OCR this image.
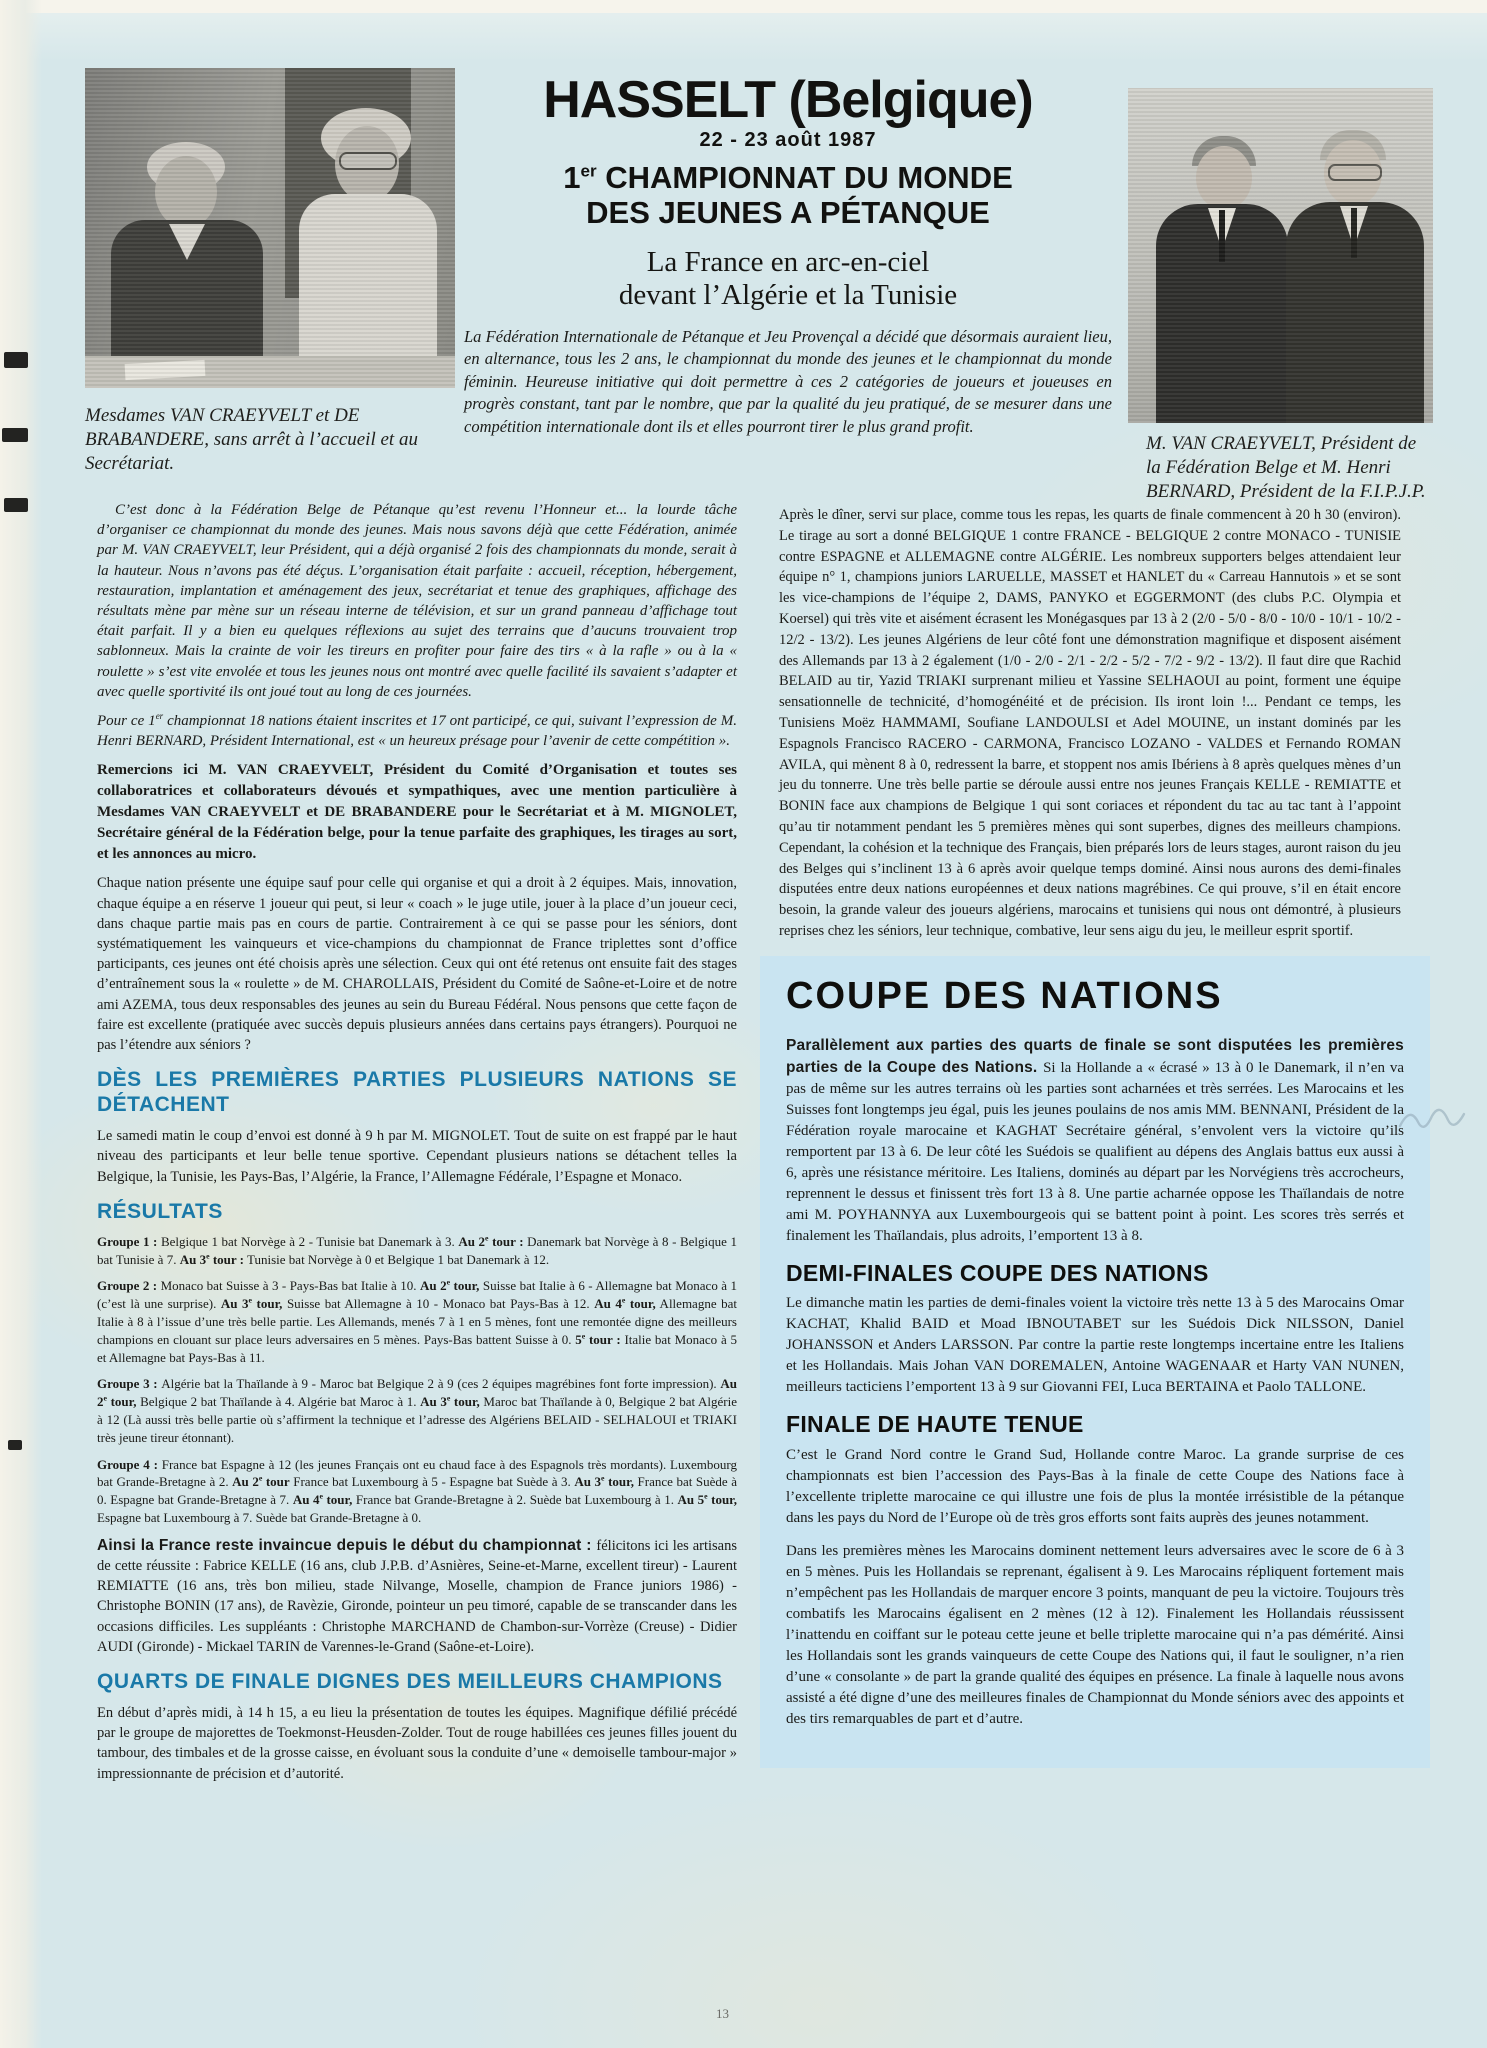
Mesdames VAN CRAEYVELT et DE BRABANDERE, sans arrêt à l’accueil et au Secrétariat.
M. VAN CRAEYVELT, Président de la Fédération Belge et M. Henri BERNARD, Président de la F.I.P.J.P.
HASSELT (Belgique)
22 - 23 août 1987
1er CHAMPIONNAT DU MONDE
DES JEUNES A PÉTANQUE
La France en arc-en-ciel
devant l’Algérie et la Tunisie
La Fédération Internationale de Pétanque et Jeu Provençal a décidé que désormais auraient lieu, en alternance, tous les 2 ans, le championnat du monde des jeunes et le championnat du monde féminin. Heureuse initiative qui doit permettre à ces 2 catégories de joueurs et joueuses en progrès constant, tant par le nombre, que par la qualité du jeu pratiqué, de se mesurer dans une compétition internationale dont ils et elles pourront tirer le plus grand profit.

C’est donc à la Fédération Belge de Pétanque qu’est revenu l’Honneur et... la lourde tâche d’organiser ce championnat du monde des jeunes. Mais nous savons déjà que cette Fédération, animée par M. VAN CRAEYVELT, leur Président, qui a déjà organisé 2 fois des championnats du monde, serait à la hauteur. Nous n’avons pas été déçus. L’organisation était parfaite : accueil, réception, hébergement, restauration, implantation et aménagement des jeux, secrétariat et tenue des graphiques, affichage des résultats mène par mène sur un réseau interne de télévision, et sur un grand panneau d’affichage tout était parfait. Il y a bien eu quelques réflexions au sujet des terrains que d’aucuns trouvaient trop sablonneux. Mais la crainte de voir les tireurs en profiter pour faire des tirs « à la rafle » ou à la « roulette » s’est vite envolée et tous les jeunes nous ont montré avec quelle facilité ils savaient s’adapter et avec quelle sportivité ils ont joué tout au long de ces journées.

Pour ce 1er championnat 18 nations étaient inscrites et 17 ont participé, ce qui, suivant l’expression de M. Henri BERNARD, Président International, est « un heureux présage pour l’avenir de cette compétition ».

Remercions ici M. VAN CRAEYVELT, Président du Comité d’Organisation et toutes ses collaboratrices et collaborateurs dévoués et sympathiques, avec une mention particulière à Mesdames VAN CRAEYVELT et DE BRABANDERE pour le Secrétariat et à M. MIGNOLET, Secrétaire général de la Fédération belge, pour la tenue parfaite des graphiques, les tirages au sort, et les annonces au micro.

Chaque nation présente une équipe sauf pour celle qui organise et qui a droit à 2 équipes. Mais, innovation, chaque équipe a en réserve 1 joueur qui peut, si leur « coach » le juge utile, jouer à la place d’un joueur ceci, dans chaque partie mais pas en cours de partie. Contrairement à ce qui se passe pour les séniors, dont systématiquement les vainqueurs et vice-champions du championnat de France triplettes sont d’office participants, ces jeunes ont été choisis après une sélection. Ceux qui ont été retenus ont ensuite fait des stages d’entraînement sous la « roulette » de M. CHAROLLAIS, Président du Comité de Saône-et-Loire et de notre ami AZEMA, tous deux responsables des jeunes au sein du Bureau Fédéral. Nous pensons que cette façon de faire est excellente (pratiquée avec succès depuis plusieurs années dans certains pays étrangers). Pourquoi ne pas l’étendre aux séniors ?

DÈS LES PREMIÈRES PARTIES PLUSIEURS NATIONS SE DÉTACHENT

Le samedi matin le coup d’envoi est donné à 9 h par M. MIGNOLET. Tout de suite on est frappé par le haut niveau des participants et leur belle tenue sportive. Cependant plusieurs nations se détachent telles la Belgique, la Tunisie, les Pays-Bas, l’Algérie, la France, l’Allemagne Fédérale, l’Espagne et Monaco.

RÉSULTATS

Groupe 1 : Belgique 1 bat Norvège à 2 - Tunisie bat Danemark à 3. Au 2e tour : Danemark bat Norvège à 8 - Belgique 1 bat Tunisie à 7. Au 3e tour : Tunisie bat Norvège à 0 et Belgique 1 bat Danemark à 12.

Groupe 2 : Monaco bat Suisse à 3 - Pays-Bas bat Italie à 10. Au 2e tour, Suisse bat Italie à 6 - Allemagne bat Monaco à 1 (c’est là une surprise). Au 3e tour, Suisse bat Allemagne à 10 - Monaco bat Pays-Bas à 12. Au 4e tour, Allemagne bat Italie à 8 à l’issue d’une très belle partie. Les Allemands, menés 7 à 1 en 5 mènes, font une remontée digne des meilleurs champions en clouant sur place leurs adversaires en 5 mènes. Pays-Bas battent Suisse à 0. 5e tour : Italie bat Monaco à 5 et Allemagne bat Pays-Bas à 11.

Groupe 3 : Algérie bat la Thaïlande à 9 - Maroc bat Belgique 2 à 9 (ces 2 équipes magrébines font forte impression). Au 2e tour, Belgique 2 bat Thaïlande à 4. Algérie bat Maroc à 1. Au 3e tour, Maroc bat Thaïlande à 0, Belgique 2 bat Algérie à 12 (Là aussi très belle partie où s’affirment la technique et l’adresse des Algériens BELAID - SELHALOUI et TRIAKI très jeune tireur étonnant).

Groupe 4 : France bat Espagne à 12 (les jeunes Français ont eu chaud face à des Espagnols très mordants). Luxembourg bat Grande-Bretagne à 2. Au 2e tour France bat Luxembourg à 5 - Espagne bat Suède à 3. Au 3e tour, France bat Suède à 0. Espagne bat Grande-Bretagne à 7. Au 4e tour, France bat Grande-Bretagne à 2. Suède bat Luxembourg à 1. Au 5e tour, Espagne bat Luxembourg à 7. Suède bat Grande-Bretagne à 0.

Ainsi la France reste invaincue depuis le début du championnat : félicitons ici les artisans de cette réussite : Fabrice KELLE (16 ans, club J.P.B. d’Asnières, Seine-et-Marne, excellent tireur) - Laurent REMIATTE (16 ans, très bon milieu, stade Nilvange, Moselle, champion de France juniors 1986) - Christophe BONIN (17 ans), de Ravèzie, Gironde, pointeur un peu timoré, capable de se transcander dans les occasions difficiles. Les suppléants : Christophe MARCHAND de Chambon-sur-Vorrèze (Creuse) - Didier AUDI (Gironde) - Mickael TARIN de Varennes-le-Grand (Saône-et-Loire).

QUARTS DE FINALE DIGNES DES MEILLEURS CHAMPIONS

En début d’après midi, à 14 h 15, a eu lieu la présentation de toutes les équipes. Magnifique défilié précédé par le groupe de majorettes de Toekmonst-Heusden-Zolder. Tout de rouge habillées ces jeunes filles jouent du tambour, des timbales et de la grosse caisse, en évoluant sous la conduite d’une « demoiselle tambour-major » impressionnante de précision et d’autorité.

Après le dîner, servi sur place, comme tous les repas, les quarts de finale commencent à 20 h 30 (environ). Le tirage au sort a donné BELGIQUE 1 contre FRANCE - BELGIQUE 2 contre MONACO - TUNISIE contre ESPAGNE et ALLEMAGNE contre ALGÉRIE. Les nombreux supporters belges attendaient leur équipe n° 1, champions juniors LARUELLE, MASSET et HANLET du « Carreau Hannutois » et se sont les vice-champions de l’équipe 2, DAMS, PANYKO et EGGERMONT (des clubs P.C. Olympia et Koersel) qui très vite et aisément écrasent les Monégasques par 13 à 2 (2/0 - 5/0 - 8/0 - 10/0 - 10/1 - 10/2 - 12/2 - 13/2). Les jeunes Algériens de leur côté font une démonstration magnifique et disposent aisément des Allemands par 13 à 2 également (1/0 - 2/0 - 2/1 - 2/2 - 5/2 - 7/2 - 9/2 - 13/2). Il faut dire que Rachid BELAID au tir, Yazid TRIAKI surprenant milieu et Yassine SELHAOUI au point, forment une équipe sensationnelle de technicité, d’homogénéité et de précision. Ils iront loin !... Pendant ce temps, les Tunisiens Moëz HAMMAMI, Soufiane LANDOULSI et Adel MOUINE, un instant dominés par les Espagnols Francisco RACERO - CARMONA, Francisco LOZANO - VALDES et Fernando ROMAN AVILA, qui mènent 8 à 0, redressent la barre, et stoppent nos amis Ibériens à 8 après quelques mènes d’un jeu du tonnerre. Une très belle partie se déroule aussi entre nos jeunes Français KELLE - REMIATTE et BONIN face aux champions de Belgique 1 qui sont coriaces et répondent du tac au tac tant à l’appoint qu’au tir notamment pendant les 5 premières mènes qui sont superbes, dignes des meilleurs champions. Cependant, la cohésion et la technique des Français, bien préparés lors de leurs stages, auront raison du jeu des Belges qui s’inclinent 13 à 6 après avoir quelque temps dominé. Ainsi nous aurons des demi-finales disputées entre deux nations européennes et deux nations magrébines. Ce qui prouve, s’il en était encore besoin, la grande valeur des joueurs algériens, marocains et tunisiens qui nous ont démontré, à plusieurs reprises chez les séniors, leur technique, combative, leur sens aigu du jeu, le meilleur esprit sportif.

COUPE DES NATIONS

Parallèlement aux parties des quarts de finale se sont disputées les premières parties de la Coupe des Nations. Si la Hollande a « écrasé » 13 à 0 le Danemark, il n’en va pas de même sur les autres terrains où les parties sont acharnées et très serrées. Les Marocains et les Suisses font longtemps jeu égal, puis les jeunes poulains de nos amis MM. BENNANI, Président de la Fédération royale marocaine et KAGHAT Secrétaire général, s’envolent vers la victoire qu’ils remportent par 13 à 6. De leur côté les Suédois se qualifient au dépens des Anglais battus eux aussi à 6, après une résistance méritoire. Les Italiens, dominés au départ par les Norvégiens très accrocheurs, reprennent le dessus et finissent très fort 13 à 8. Une partie acharnée oppose les Thaïlandais de notre ami M. POYHANNYA aux Luxembourgeois qui se battent point à point. Les scores très serrés et finalement les Thaïlandais, plus adroits, l’emportent 13 à 8.

DEMI-FINALES COUPE DES NATIONS

Le dimanche matin les parties de demi-finales voient la victoire très nette 13 à 5 des Marocains Omar KACHAT, Khalid BAID et Moad IBNOUTABET sur les Suédois Dick NILSSON, Daniel JOHANSSON et Anders LARSSON. Par contre la partie reste longtemps incertaine entre les Italiens et les Hollandais. Mais Johan VAN DOREMALEN, Antoine WAGENAAR et Harty VAN NUNEN, meilleurs tacticiens l’emportent 13 à 9 sur Giovanni FEI, Luca BERTAINA et Paolo TALLONE.

FINALE DE HAUTE TENUE

C’est le Grand Nord contre le Grand Sud, Hollande contre Maroc. La grande surprise de ces championnats est bien l’accession des Pays-Bas à la finale de cette Coupe des Nations face à l’excellente triplette marocaine ce qui illustre une fois de plus la montée irrésistible de la pétanque dans les pays du Nord de l’Europe où de très gros efforts sont faits auprès des jeunes notamment.

Dans les premières mènes les Marocains dominent nettement leurs adversaires avec le score de 6 à 3 en 5 mènes. Puis les Hollandais se reprenant, égalisent à 9. Les Marocains répliquent fortement mais n’empêchent pas les Hollandais de marquer encore 3 points, manquant de peu la victoire. Toujours très combatifs les Marocains égalisent en 2 mènes (12 à 12). Finalement les Hollandais réussissent l’inattendu en coiffant sur le poteau cette jeune et belle triplette marocaine qui n’a pas démérité. Ainsi les Hollandais sont les grands vainqueurs de cette Coupe des Nations qui, il faut le souligner, n’a rien d’une « consolante » de part la grande qualité des équipes en présence. La finale à laquelle nous avons assisté a été digne d’une des meilleures finales de Championnat du Monde séniors avec des appoints et des tirs remarquables de part et d’autre.

13
